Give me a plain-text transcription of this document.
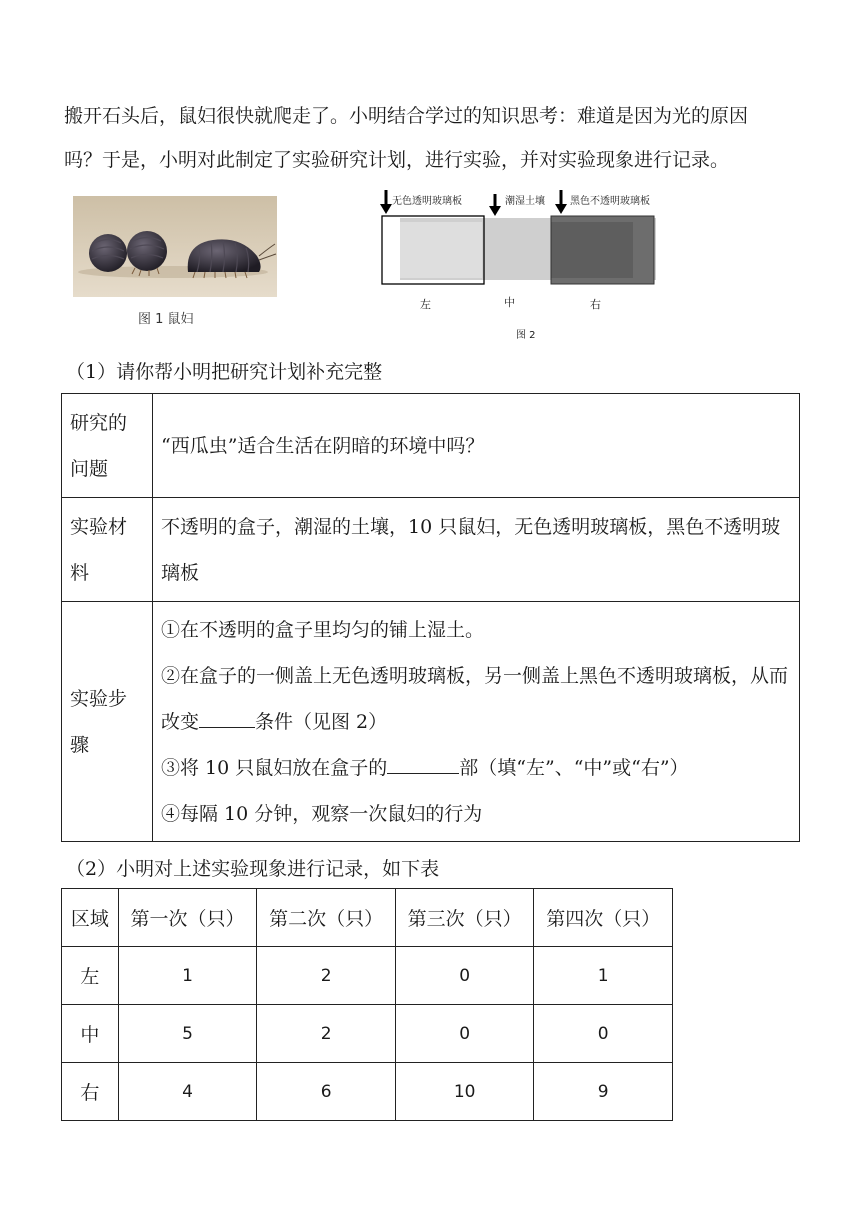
搬开石头后，鼠妇很快就爬走了。小明结合学过的知识思考：难道是因为光的原因
吗？于是，小明对此制定了实验研究计划，进行实验，并对实验现象进行记录。
图 1 鼠妇
无色透明玻璃板	潮湿土壤	黑色不透明玻璃板
左	中	右
图 2
（1）请你帮小明把研究计划补充完整
研究的问题	“西瓜虫”适合生活在阴暗的环境中吗？
实验材料	不透明的盒子，潮湿的土壤，10 只鼠妇，无色透明玻璃板，黑色不透明玻璃板
实验步骤	①在不透明的盒子里均匀的铺上湿土。
②在盒子的一侧盖上无色透明玻璃板，另一侧盖上黑色不透明玻璃板，从而改变 条件（见图 2）
③将 10 只鼠妇放在盒子的 部（填“左”、“中”或“右”）
④每隔 10 分钟，观察一次鼠妇的行为
（2）小明对上述实验现象进行记录，如下表
区域	第一次（只）	第二次（只）	第三次（只）	第四次（只）
左	1	2	0	1
中	5	2	0	0
右	4	6	10	9
